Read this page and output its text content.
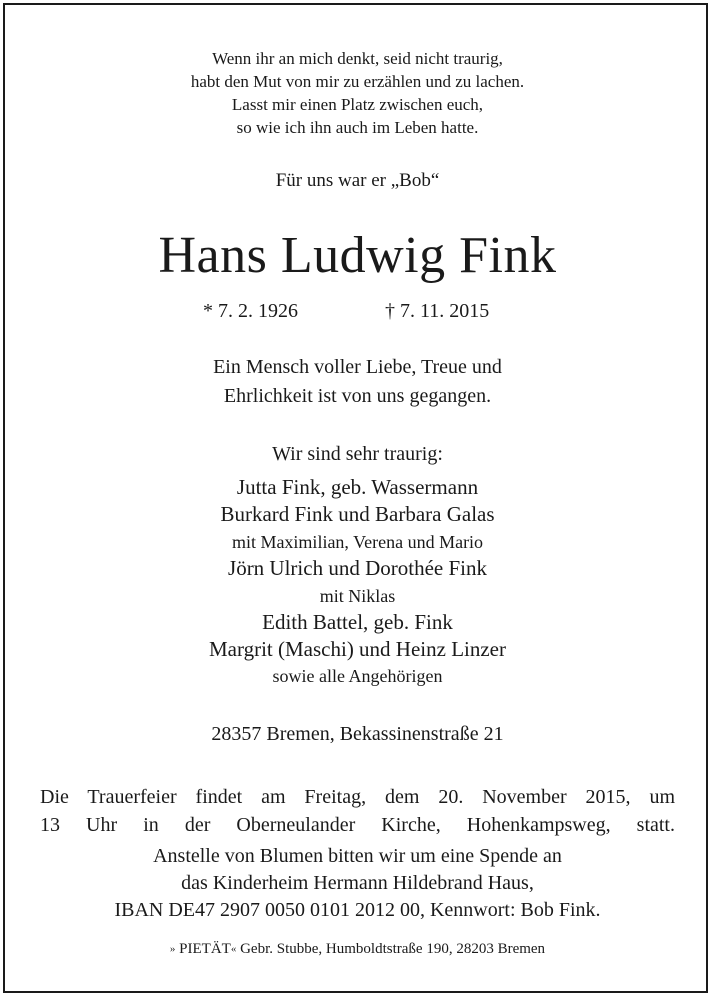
Wenn ihr an mich denkt, seid nicht traurig,
habt den Mut von mir zu erzählen und zu lachen.
Lasst mir einen Platz zwischen euch,
so wie ich ihn auch im Leben hatte.
Für uns war er „Bob“
Hans Ludwig Fink
* 7. 2. 1926	† 7. 11. 2015
Ein Mensch voller Liebe, Treue und
Ehrlichkeit ist von uns gegangen.
Wir sind sehr traurig:
Jutta Fink, geb. Wassermann
Burkard Fink und Barbara Galas
mit Maximilian, Verena und Mario
Jörn Ulrich und Dorothée Fink
mit Niklas
Edith Battel, geb. Fink
Margrit (Maschi) und Heinz Linzer
sowie alle Angehörigen
28357 Bremen, Bekassinenstraße 21
Die Trauerfeier findet am Freitag, dem 20. November 2015, um
13 Uhr in der Oberneulander Kirche, Hohenkampsweg, statt.
Anstelle von Blumen bitten wir um eine Spende an
das Kinderheim Hermann Hildebrand Haus,
IBAN DE47 2907 0050 0101 2012 00, Kennwort: Bob Fink.
» PIETÄT« Gebr. Stubbe, Humboldtstraße 190, 28203 Bremen
